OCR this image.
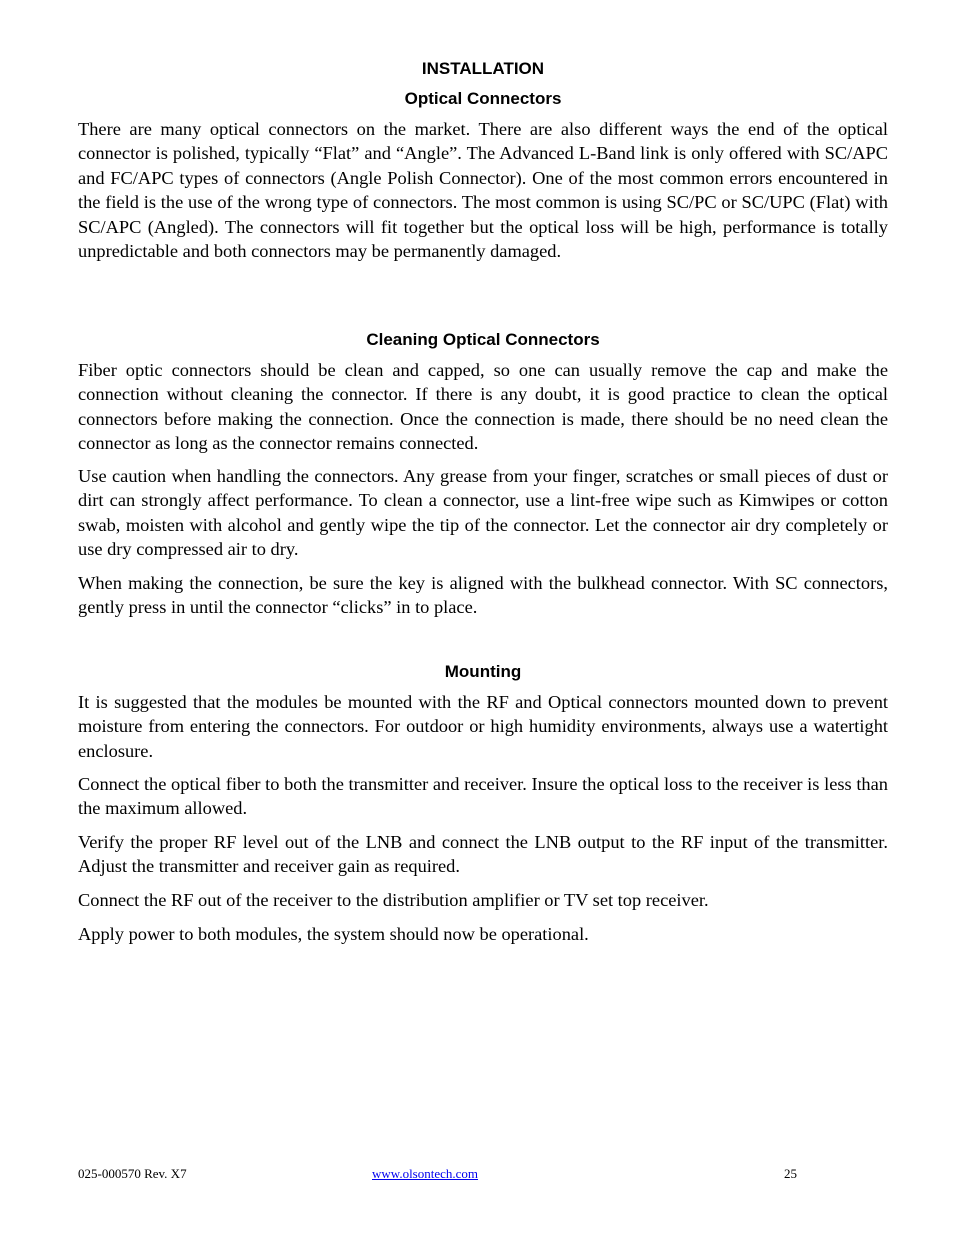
INSTALLATION
Optical Connectors

There are many optical connectors on the market. There are also different ways the end of the optical connector is polished, typically “Flat” and “Angle”. The Advanced L-Band link is only offered with SC/APC and FC/APC types of connectors (Angle Polish Connector). One of the most common errors encountered in the field is the use of the wrong type of connectors. The most common is using SC/PC or SC/UPC (Flat) with SC/APC (Angled). The connectors will fit together but the optical loss will be high, performance is totally unpredictable and both connectors may be permanently damaged.

Cleaning Optical Connectors

Fiber optic connectors should be clean and capped, so one can usually remove the cap and make the connection without cleaning the connector. If there is any doubt, it is good practice to clean the optical connectors before making the connection. Once the connection is made, there should be no need clean the connector as long as the connector remains connected.

Use caution when handling the connectors. Any grease from your finger, scratches or small pieces of dust or dirt can strongly affect performance. To clean a connector, use a lint-free wipe such as Kimwipes or cotton swab, moisten with alcohol and gently wipe the tip of the connector. Let the connector air dry completely or use dry compressed air to dry.

When making the connection, be sure the key is aligned with the bulkhead connector. With SC connectors, gently press in until the connector “clicks” in to place.

Mounting

It is suggested that the modules be mounted with the RF and Optical connectors mounted down to prevent moisture from entering the connectors. For outdoor or high humidity environments, always use a watertight enclosure.

Connect the optical fiber to both the transmitter and receiver. Insure the optical loss to the receiver is less than the maximum allowed.

Verify the proper RF level out of the LNB and connect the LNB output to the RF input of the transmitter. Adjust the transmitter and receiver gain as required.

Connect the RF out of the receiver to the distribution amplifier or TV set top receiver.

Apply power to both modules, the system should now be operational.

025-000570 Rev. X7	www.olsontech.com	25
